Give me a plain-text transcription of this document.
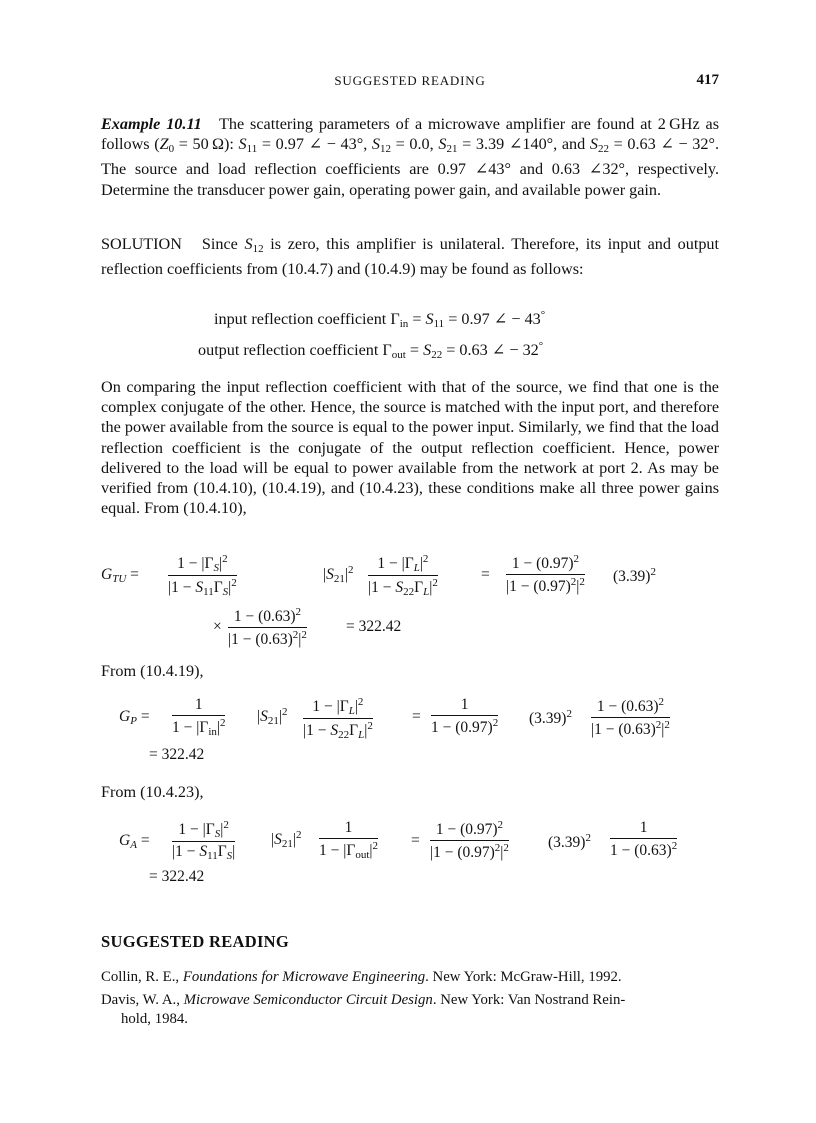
SUGGESTED READING	417

Example 10.11 The scattering parameters of a microwave amplifier are found at 2 GHz as follows ($Z_0 = 50$ Ω): $S_{11} = 0.97$ ∠ − 43°, $S_{12} = 0.0$, $S_{21} = 3.39$ ∠140°, and $S_{22} = 0.63$ ∠ − 32°. The source and load reflection coefficients are 0.97 ∠43° and 0.63 ∠32°, respectively. Determine the transducer power gain, operating power gain, and available power gain.

SOLUTION Since $S_{12}$ is zero, this amplifier is unilateral. Therefore, its input and output reflection coefficients from (10.4.7) and (10.4.9) may be found as follows:

input reflection coefficient $\Gamma_{in} = S_{11} = 0.97$ ∠ − 43°
output reflection coefficient $\Gamma_{out} = S_{22} = 0.63$ ∠ − 32°

On comparing the input reflection coefficient with that of the source, we find that one is the complex conjugate of the other. Hence, the source is matched with the input port, and therefore the power available from the source is equal to the power input. Similarly, we find that the load reflection coefficient is the conjugate of the output reflection coefficient. Hence, power delivered to the load will be equal to power available from the network at port 2. As may be verified from (10.4.10), (10.4.19), and (10.4.23), these conditions make all three power gains equal. From (10.4.10),

$G_{TU} = \frac{1 - |\Gamma_S|^2}{|1 - S_{11}\Gamma_S|^2}$	$|S_{21}|^2 \frac{1 - |\Gamma_L|^2}{|1 - S_{22}\Gamma_L|^2}$	= $\frac{1 - (0.97)^2}{|1 - (0.97)^2|^2} (3.39)^2$
× $\frac{1 - (0.63)^2}{|1 - (0.63)^2|^2}$	= 322.42
From (10.4.19),
$G_P$ =
1
$1 - |\Gamma_{in}|^2$ $|S_{21}|^2 \frac{1 - |\Gamma_L|^2}{|1 - S_{22}\Gamma_L|^2}$	= $\frac{1}{1 - (0.97)^2} (3.39)^2 \frac{1 - (0.63)^2}{|1 - (0.63)^2|^2}$
= 322.42
From (10.4.23),
$G_A = \frac{1 - |\Gamma_S|^2}{|1 - S_{11}\Gamma_S|} |S_{21}|^2$	1
$1 - |\Gamma_{out}|^2 = \frac{1 - (0.97)^2}{|1 - (0.97)^2|^2}$	$(3.39)^2 \frac{1}{1 - (0.63)^2}$
= 322.42
SUGGESTED READING
Collin, R. E., Foundations for Microwave Engineering. New York: McGraw-Hill, 1992.
Davis, W. A., Microwave Semiconductor Circuit Design. New York: Van Nostrand Rein-
hold, 1984.
